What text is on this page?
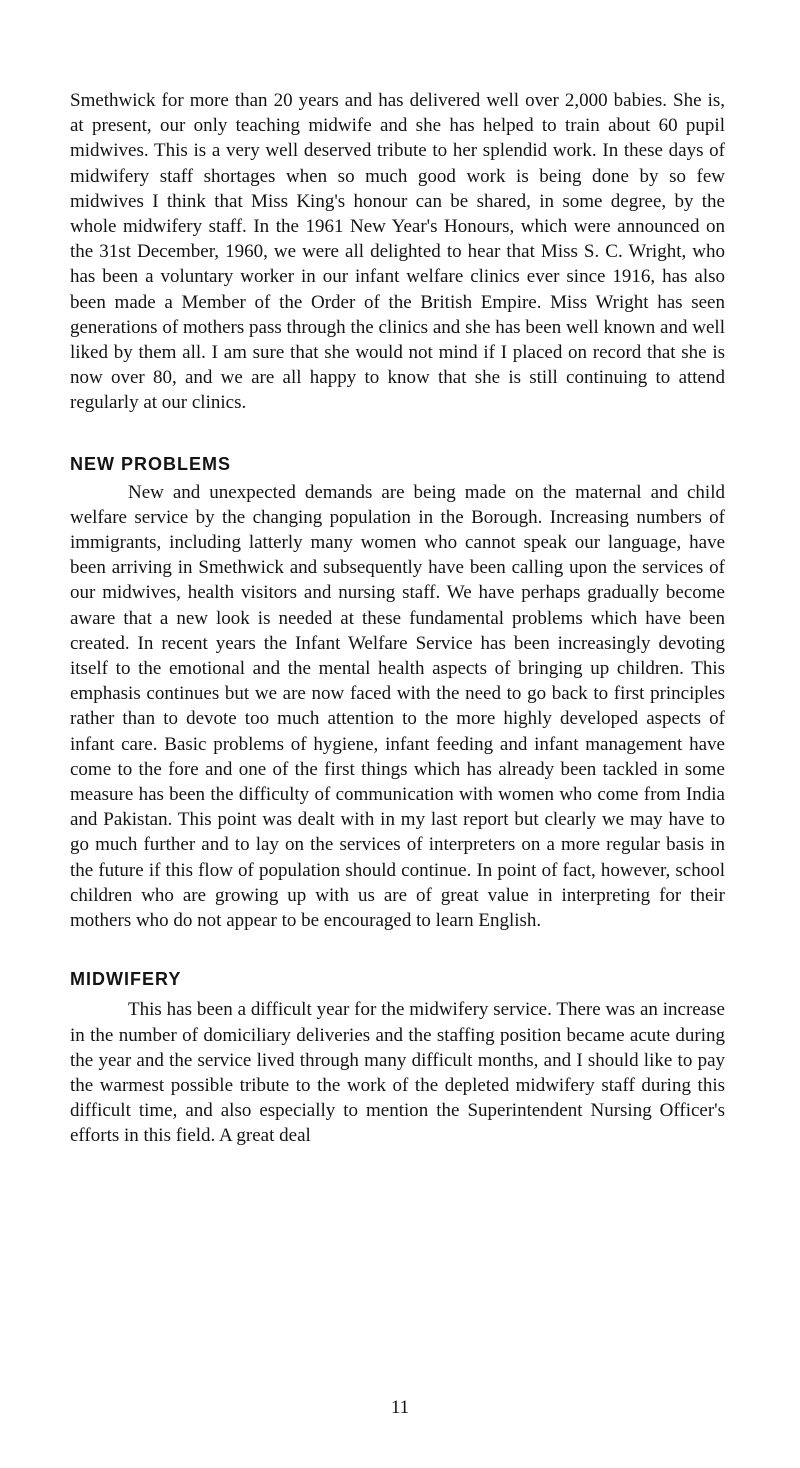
Smethwick for more than 20 years and has delivered well over 2,000 babies. She is, at present, our only teaching midwife and she has helped to train about 60 pupil midwives. This is a very well deserved tribute to her splendid work. In these days of midwifery staff shortages when so much good work is being done by so few midwives I think that Miss King's honour can be shared, in some degree, by the whole midwifery staff. In the 1961 New Year's Honours, which were announced on the 31st December, 1960, we were all delighted to hear that Miss S. C. Wright, who has been a voluntary worker in our infant welfare clinics ever since 1916, has also been made a Member of the Order of the British Empire. Miss Wright has seen generations of mothers pass through the clinics and she has been well known and well liked by them all. I am sure that she would not mind if I placed on record that she is now over 80, and we are all happy to know that she is still continuing to attend regularly at our clinics.

NEW PROBLEMS

New and unexpected demands are being made on the maternal and child welfare service by the changing population in the Borough. Increasing numbers of immigrants, including latterly many women who cannot speak our language, have been arriving in Smethwick and subsequently have been calling upon the services of our midwives, health visitors and nursing staff. We have perhaps gradually become aware that a new look is needed at these fundamental problems which have been created. In recent years the Infant Welfare Service has been increasingly devoting itself to the emotional and the mental health aspects of bringing up children. This emphasis continues but we are now faced with the need to go back to first principles rather than to devote too much attention to the more highly developed aspects of infant care. Basic problems of hygiene, infant feeding and infant management have come to the fore and one of the first things which has already been tackled in some measure has been the difficulty of communication with women who come from India and Pakistan. This point was dealt with in my last report but clearly we may have to go much further and to lay on the services of interpreters on a more regular basis in the future if this flow of population should continue. In point of fact, however, school children who are growing up with us are of great value in interpreting for their mothers who do not appear to be encouraged to learn English.

MIDWIFERY

This has been a difficult year for the midwifery service. There was an increase in the number of domiciliary deliveries and the staffing position became acute during the year and the service lived through many difficult months, and I should like to pay the warmest possible tribute to the work of the depleted midwifery staff during this difficult time, and also especially to mention the Superintendent Nursing Officer's efforts in this field. A great deal

11
